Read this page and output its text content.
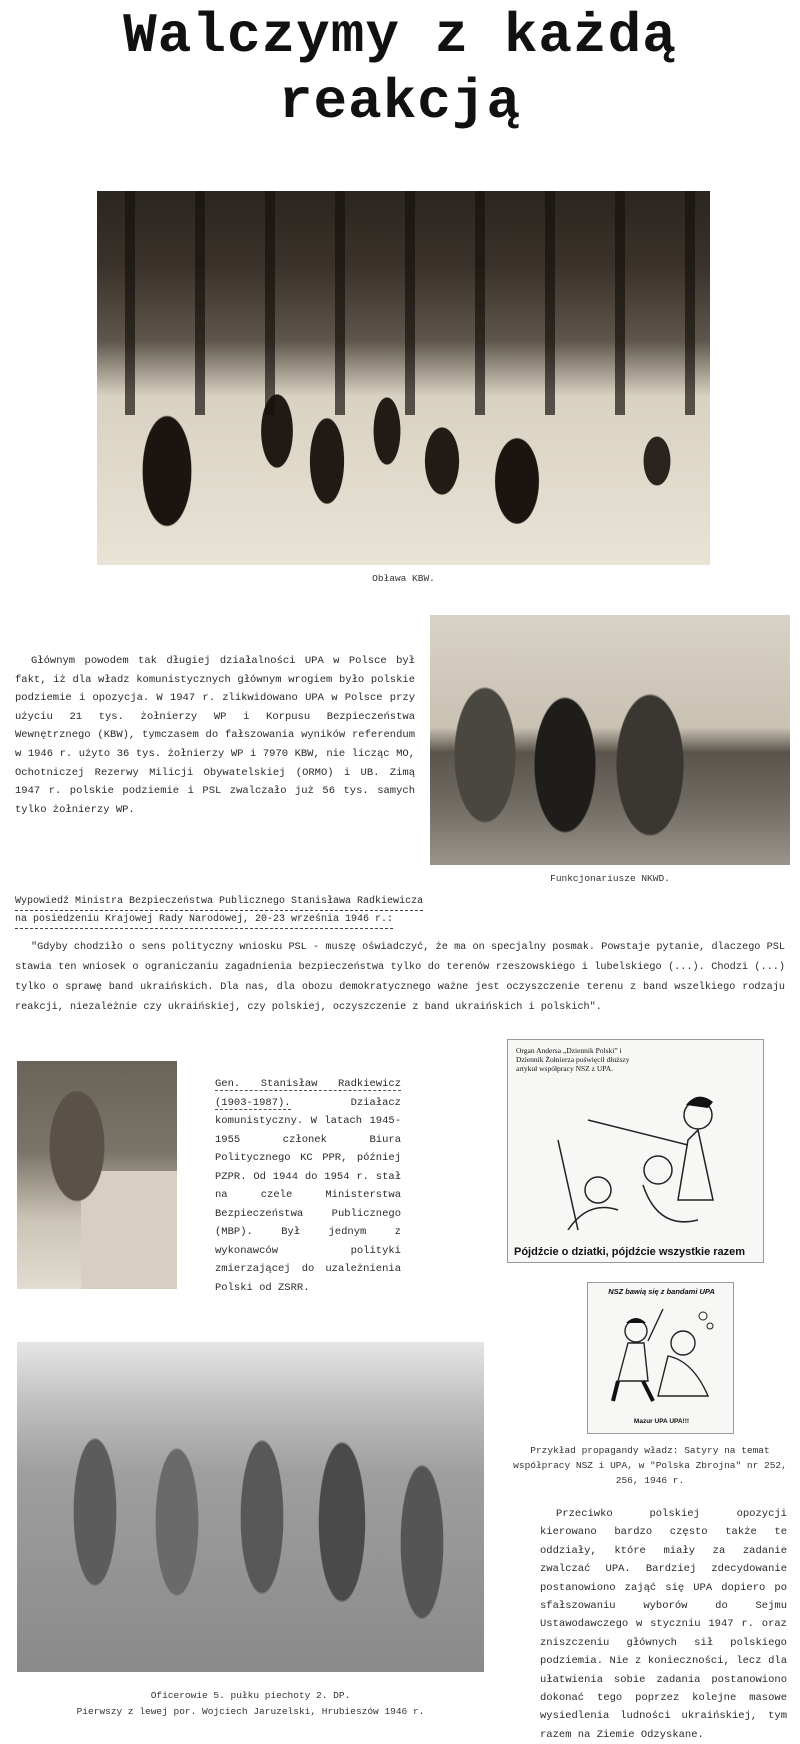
Walczymy z każdą
reakcją
Obława KBW.
Głównym powodem tak długiej działalności UPA w Polsce był fakt, iż dla władz komunistycznych głównym wrogiem było polskie podziemie i opozycja. W 1947 r. zlikwidowano UPA w Polsce przy użyciu 21 tys. żołnierzy WP i Korpusu Bezpieczeństwa Wewnętrznego (KBW), tymczasem do fałszowania wyników referendum w 1946 r. użyto 36 tys. żołnierzy WP i 7970 KBW, nie licząc MO, Ochotniczej Rezerwy Milicji Obywatelskiej (ORMO) i UB. Zimą 1947 r. polskie podziemie i PSL zwalczało już 56 tys. samych tylko żołnierzy WP.
Funkcjonariusze NKWD.
Wypowiedź Ministra Bezpieczeństwa Publicznego Stanisława Radkiewicza
na posiedzeniu Krajowej Rady Narodowej, 20-23 września 1946 r.:
"Gdyby chodziło o sens polityczny wniosku PSL - muszę oświadczyć, że ma on specjalny posmak. Powstaje pytanie, dlaczego PSL stawia ten wniosek o ograniczaniu zagadnienia bezpieczeństwa tylko do terenów rzeszowskiego i lubelskiego (...). Chodzi (...) tylko o sprawę band ukraińskich. Dla nas, dla obozu demokratycznego ważne jest oczyszczenie terenu z band wszelkiego rodzaju reakcji, niezależnie czy ukraińskiej, czy polskiej, oczyszczenie z band ukraińskich i polskich".
Gen. Stanisław Radkiewicz (1903-1987).	Działacz komunistyczny. W latach 1945-1955 członek Biura Politycznego KC PPR, później PZPR. Od 1944 do 1954 r. stał na czele Ministerstwa Bezpieczeństwa Publicznego (MBP). Był jednym z wykonawców polityki zmierzającej do uzależnienia Polski od ZSRR.
Organ Andersa „Dziennik Polski” i Dziennik Żołnierza poświęcił dłuższy artykuł współpracy NSZ z UPA.
Pójdźcie o dziatki, pójdźcie wszystkie razem
NSZ bawią się z bandami UPA
Mazur UPA UPA!!!
Przykład propagandy władz: Satyry na temat współpracy NSZ i UPA, w "Polska Zbrojna" nr 252, 256, 1946 r.
Oficerowie 5. pułku piechoty 2. DP.
Pierwszy z lewej por. Wojciech Jaruzelski, Hrubieszów 1946 r.
Przeciwko polskiej opozycji kierowano bardzo często także te oddziały, które miały za zadanie zwalczać UPA. Bardziej zdecydowanie postanowiono zająć się UPA dopiero po sfałszowaniu wyborów do Sejmu Ustawodawczego w styczniu 1947 r. oraz zniszczeniu głównych sił polskiego podziemia. Nie z konieczności, lecz dla ułatwienia sobie zadania postanowiono dokonać tego poprzez kolejne masowe wysiedlenia ludności ukraińskiej, tym razem na Ziemie Odzyskane.
